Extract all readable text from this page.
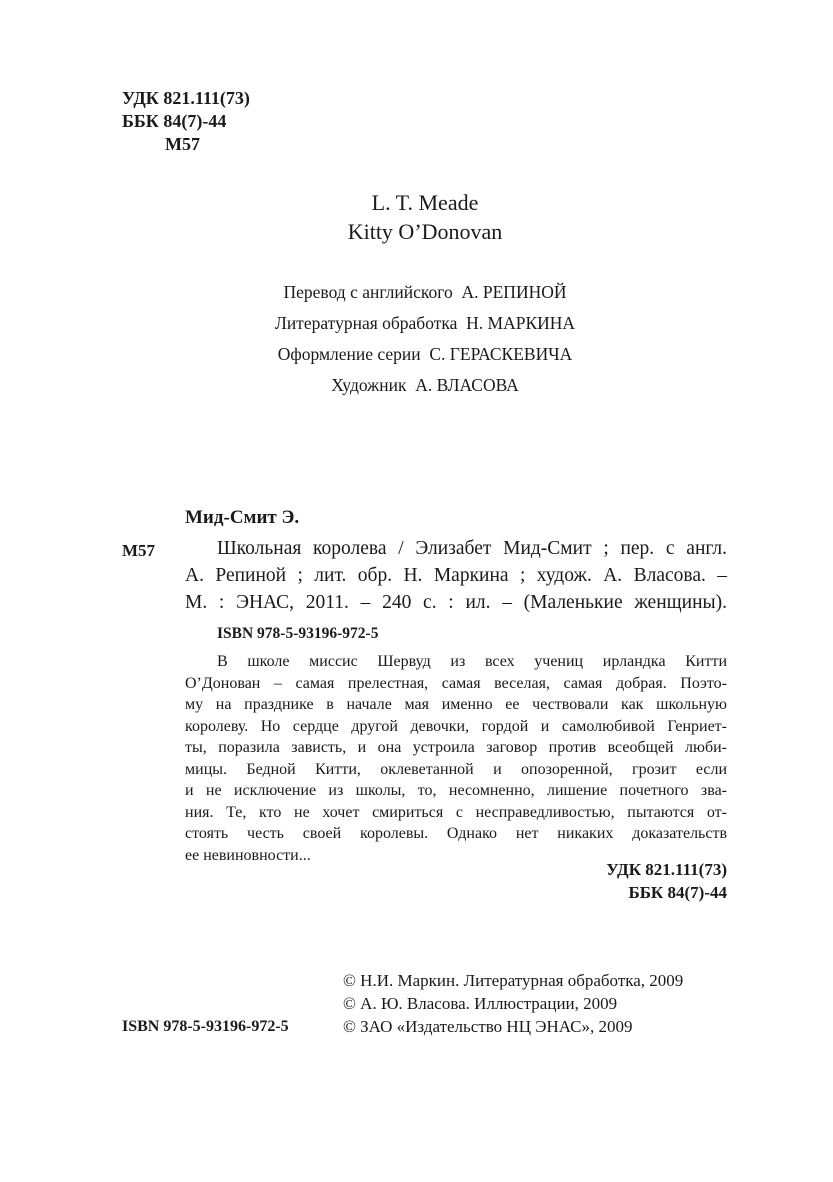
УДК 821.111(73)
ББК 84(7)-44
М57
L. T. Meade
Kitty O’Donovan
Перевод с английского  А. РЕПИНОЙ
Литературная обработка  Н. МАРКИНА
Оформление серии  С. ГЕРАСКЕВИЧА
Художник  А. ВЛАСОВА
Мид-Смит Э.
М57	Школьная королева / Элизабет Мид-Смит ; пер. с англ.
А. Репиной ; лит. обр. Н. Маркина ; худож. А. Власова. –
М. : ЭНАС, 2011. – 240 с. : ил. – (Маленькие женщины).
ISBN 978-5-93196-972-5
В школе миссис Шервуд из всех учениц ирландка Китти
О’Донован – самая прелестная, самая веселая, самая добрая. Поэто-
му на празднике в начале мая именно ее чествовали как школьную
королеву. Но сердце другой девочки, гордой и самолюбивой Генриет-
ты, поразила зависть, и она устроила заговор против всеобщей люби-
мицы. Бедной Китти, оклеветанной и опозоренной, грозит если
и не исключение из школы, то, несомненно, лишение почетного зва-
ния. Те, кто не хочет смириться с несправедливостью, пытаются от-
стоять честь своей королевы. Однако нет никаких доказательств
ее невиновности...
УДК 821.111(73)
ББК 84(7)-44
© Н.И. Маркин. Литературная обработка, 2009
© А. Ю. Власова. Иллюстрации, 2009
© ЗАО «Издательство НЦ ЭНАС», 2009
ISBN 978-5-93196-972-5
